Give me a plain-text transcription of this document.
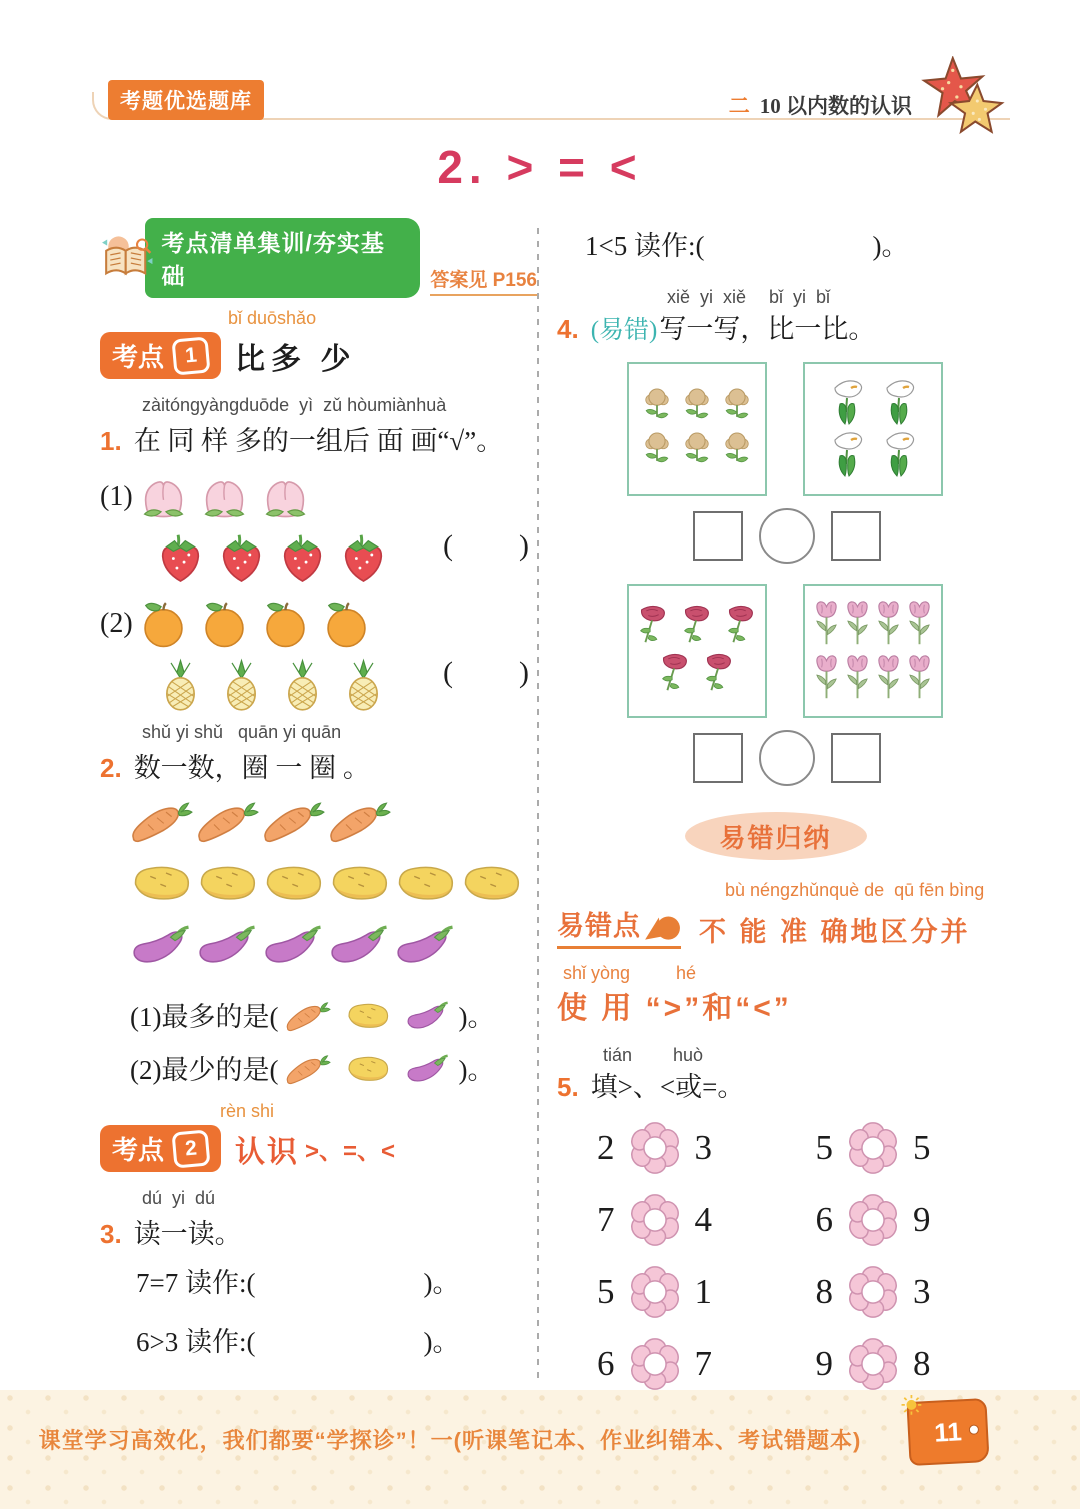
考题优选题库	二 10 以内数的认识
2. > = <
考点清单集训/夯实基础	答案见 P156
bǐ duōshǎo
考点 1	比多 少
zàitóngyàngduōde  yì  zǔ hòumiànhuà
1. 在 同 样 多的一组后 面 画“√”。
(1)
(　　)
(2)
(　　)
shǔ yi shǔ   quān yi quān
2. 数一数，圈 一 圈 。

(1)最多的是(	)。
(2)最少的是(	)。
rèn shi
考点 2	认识 >、=、<
dú  yi  dú
3. 读一读。
7=7 读作:(	)。
6>3 读作:(	)。
1<5 读作:(	)。
xiě  yi  xiě　 bǐ  yi  bǐ
4. (易错) 写一写，比一比。
易错归纳
bù néngzhǔnquè de  qū fēn bìng
易错点 不 能 准 确地区分并
shǐ yòng　　  hé
使 用 “>”和“<”
tián　　 huò
5. 填>、<或=。
2 3	5 5
7 4	6 9
5 1	8 3
6 7	9 8
课堂学习高效化，我们都要“学探诊”！一(听课笔记本、作业纠错本、考试错题本)	11
